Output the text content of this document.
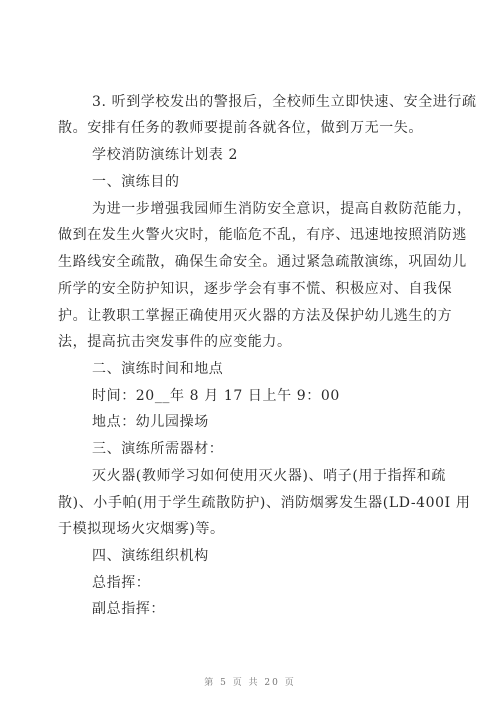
3. 听到学校发出的警报后，全校师生立即快速、安全进行疏
散。安排有任务的教师要提前各就各位，做到万无一失。
学校消防演练计划表 2
一、演练目的
为进一步增强我园师生消防安全意识，提高自救防范能力，
做到在发生火警火灾时，能临危不乱，有序、迅速地按照消防逃
生路线安全疏散，确保生命安全。通过紧急疏散演练，巩固幼儿
所学的安全防护知识，逐步学会有事不慌、积极应对、自我保
护。让教职工掌握正确使用灭火器的方法及保护幼儿逃生的方
法，提高抗击突发事件的应变能力。
二、演练时间和地点
时间：20__年 8 月 17 日上午 9：00
地点：幼儿园操场
三、演练所需器材：
灭火器(教师学习如何使用灭火器)、哨子(用于指挥和疏
散)、小手帕(用于学生疏散防护)、消防烟雾发生器(LD-400I 用
于模拟现场火灾烟雾)等。
四、演练组织机构
总指挥：
副总指挥：
第 5 页 共 20 页
